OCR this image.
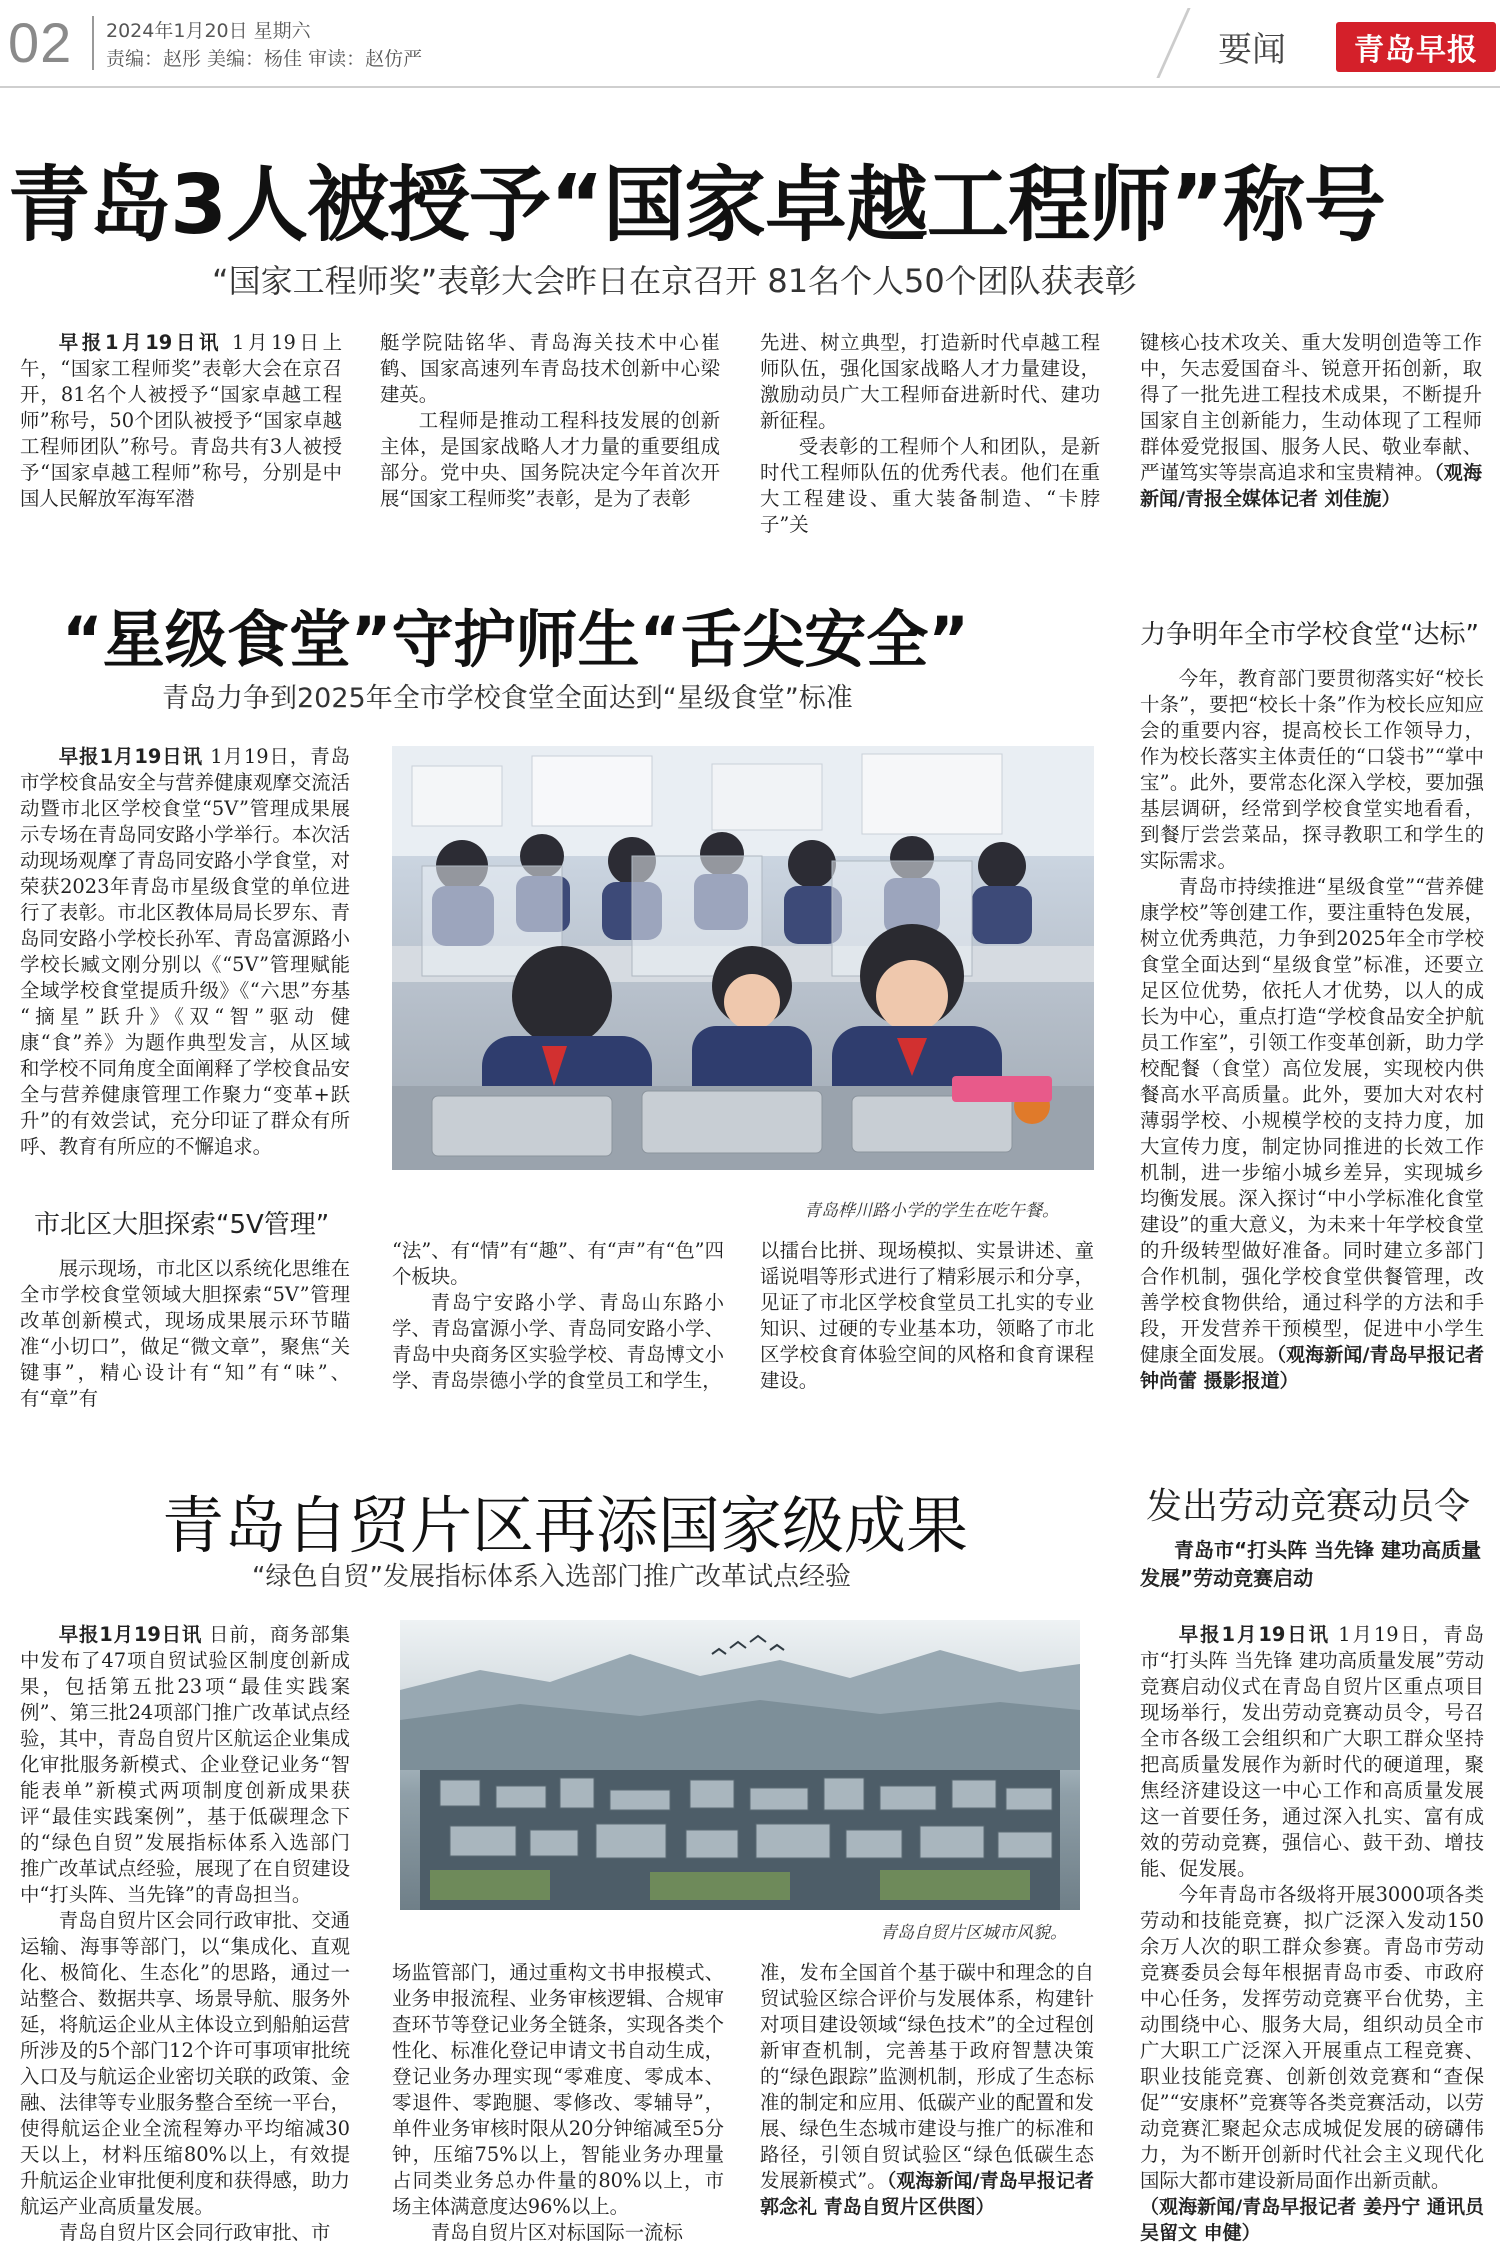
02 2024年1月20日 星期六
责编：赵彤 美编：杨佳 审读：赵仿严	要闻	青岛早报
青岛3人被授予“国家卓越工程师”称号
“国家工程师奖”表彰大会昨日在京召开 81名个人50个团队获表彰

早报1月19日讯 1月19日上午，“国家工程师奖”表彰大会在京召开，81名个人被授予“国家卓越工程师”称号，50个团队被授予“国家卓越工程师团队”称号。青岛共有3人被授予“国家卓越工程师”称号，分别是中国人民解放军海军潜

艇学院陆铭华、青岛海关技术中心崔鹤、国家高速列车青岛技术创新中心梁建英。

工程师是推动工程科技发展的创新主体，是国家战略人才力量的重要组成部分。党中央、国务院决定今年首次开展“国家工程师奖”表彰，是为了表彰

先进、树立典型，打造新时代卓越工程师队伍，强化国家战略人才力量建设，激励动员广大工程师奋进新时代、建功新征程。

受表彰的工程师个人和团队，是新时代工程师队伍的优秀代表。他们在重大工程建设、重大装备制造、“卡脖子”关

键核心技术攻关、重大发明创造等工作中，矢志爱国奋斗、锐意开拓创新，取得了一批先进工程技术成果，不断提升国家自主创新能力，生动体现了工程师群体爱党报国、服务人民、敬业奉献、严谨笃实等崇高追求和宝贵精神。（观海新闻/青报全媒体记者 刘佳旎）

“星级食堂”守护师生“舌尖安全”
青岛力争到2025年全市学校食堂全面达到“星级食堂”标准

早报1月19日讯 1月19日，青岛市学校食品安全与营养健康观摩交流活动暨市北区学校食堂“5V”管理成果展示专场在青岛同安路小学举行。本次活动现场观摩了青岛同安路小学食堂，对荣获2023年青岛市星级食堂的单位进行了表彰。市北区教体局局长罗东、青岛同安路小学校长孙军、青岛富源路小学校长臧文刚分别以《“5V”管理赋能全域学校食堂提质升级》《“六思”夯基 “摘星”跃升》《双“智”驱动 健康“食”养》为题作典型发言，从区域和学校不同角度全面阐释了学校食品安全与营养健康管理工作聚力“变革+跃升”的有效尝试，充分印证了群众有所呼、教育有所应的不懈追求。

市北区大胆探索“5V管理”

展示现场，市北区以系统化思维在全市学校食堂领域大胆探索“5V”管理改革创新模式，现场成果展示环节瞄准“小切口”，做足“微文章”，聚焦“关键事”，精心设计有“知”有“味”、有“章”有

青岛桦川路小学的学生在吃午餐。

“法”、有“情”有“趣”、有“声”有“色”四个板块。

青岛宁安路小学、青岛山东路小学、青岛富源小学、青岛同安路小学、青岛中央商务区实验学校、青岛博文小学、青岛崇德小学的食堂员工和学生，

以擂台比拼、现场模拟、实景讲述、童谣说唱等形式进行了精彩展示和分享，见证了市北区学校食堂员工扎实的专业知识、过硬的专业基本功，领略了市北区学校食育体验空间的风格和食育课程建设。

力争明年全市学校食堂“达标”

今年，教育部门要贯彻落实好“校长十条”，要把“校长十条”作为校长应知应会的重要内容，提高校长工作领导力，作为校长落实主体责任的“口袋书”“掌中宝”。此外，要常态化深入学校，要加强基层调研，经常到学校食堂实地看看，到餐厅尝尝菜品，探寻教职工和学生的实际需求。

青岛市持续推进“星级食堂”“营养健康学校”等创建工作，要注重特色发展，树立优秀典范，力争到2025年全市学校食堂全面达到“星级食堂”标准，还要立足区位优势，依托人才优势，以人的成长为中心，重点打造“学校食品安全护航员工作室”，引领工作变革创新，助力学校配餐（食堂）高位发展，实现校内供餐高水平高质量。此外，要加大对农村薄弱学校、小规模学校的支持力度，加大宣传力度，制定协同推进的长效工作机制，进一步缩小城乡差异，实现城乡均衡发展。深入探讨“中小学标准化食堂建设”的重大意义，为未来十年学校食堂的升级转型做好准备。同时建立多部门合作机制，强化学校食堂供餐管理，改善学校食物供给，通过科学的方法和手段，开发营养干预模型，促进中小学生健康全面发展。（观海新闻/青岛早报记者 钟尚蕾 摄影报道）

青岛自贸片区再添国家级成果
“绿色自贸”发展指标体系入选部门推广改革试点经验

早报1月19日讯 日前，商务部集中发布了47项自贸试验区制度创新成果，包括第五批23项“最佳实践案例”、第三批24项部门推广改革试点经验，其中，青岛自贸片区航运企业集成化审批服务新模式、企业登记业务“智能表单”新模式两项制度创新成果获评“最佳实践案例”，基于低碳理念下的“绿色自贸”发展指标体系入选部门推广改革试点经验，展现了在自贸建设中“打头阵、当先锋”的青岛担当。

青岛自贸片区会同行政审批、交通运输、海事等部门，以“集成化、直观化、极简化、生态化”的思路，通过一站整合、数据共享、场景导航、服务外延，将航运企业从主体设立到船舶运营所涉及的5个部门12个许可事项审批统入口及与航运企业密切关联的政策、金融、法律等专业服务整合至统一平台，使得航运企业全流程筹办平均缩减30天以上，材料压缩80%以上，有效提升航运企业审批便利度和获得感，助力航运产业高质量发展。

青岛自贸片区会同行政审批、市

青岛自贸片区城市风貌。

场监管部门，通过重构文书申报模式、业务申报流程、业务审核逻辑、合规审查环节等登记业务全链条，实现各类个性化、标准化登记申请文书自动生成，登记业务办理实现“零难度、零成本、零退件、零跑腿、零修改、零辅导”，单件业务审核时限从20分钟缩减至5分钟，压缩75%以上，智能业务办理量占同类业务总办件量的80%以上，市场主体满意度达96%以上。

青岛自贸片区对标国际一流标

准，发布全国首个基于碳中和理念的自贸试验区综合评价与发展体系，构建针对项目建设领域“绿色技术”的全过程创新审查机制，完善基于政府智慧决策的“绿色跟踪”监测机制，形成了生态标准的制定和应用、低碳产业的配置和发展、绿色生态城市建设与推广的标准和路径，引领自贸试验区“绿色低碳生态发展新模式”。（观海新闻/青岛早报记者 郭念礼 青岛自贸片区供图）

发出劳动竞赛动员令
青岛市“打头阵 当先锋 建功高质量发展”劳动竞赛启动

早报1月19日讯 1月19日，青岛市“打头阵 当先锋 建功高质量发展”劳动竞赛启动仪式在青岛自贸片区重点项目现场举行，发出劳动竞赛动员令，号召全市各级工会组织和广大职工群众坚持把高质量发展作为新时代的硬道理，聚焦经济建设这一中心工作和高质量发展这一首要任务，通过深入扎实、富有成效的劳动竞赛，强信心、鼓干劲、增技能、促发展。

今年青岛市各级将开展3000项各类劳动和技能竞赛，拟广泛深入发动150余万人次的职工群众参赛。青岛市劳动竞赛委员会每年根据青岛市委、市政府中心任务，发挥劳动竞赛平台优势，主动围绕中心、服务大局，组织动员全市广大职工广泛深入开展重点工程竞赛、职业技能竞赛、创新创效竞赛和“查保促”“安康杯”竞赛等各类竞赛活动，以劳动竞赛汇聚起众志成城促发展的磅礴伟力，为不断开创新时代社会主义现代化国际大都市建设新局面作出新贡献。

（观海新闻/青岛早报记者 姜丹宁 通讯员 吴留文 申健）
